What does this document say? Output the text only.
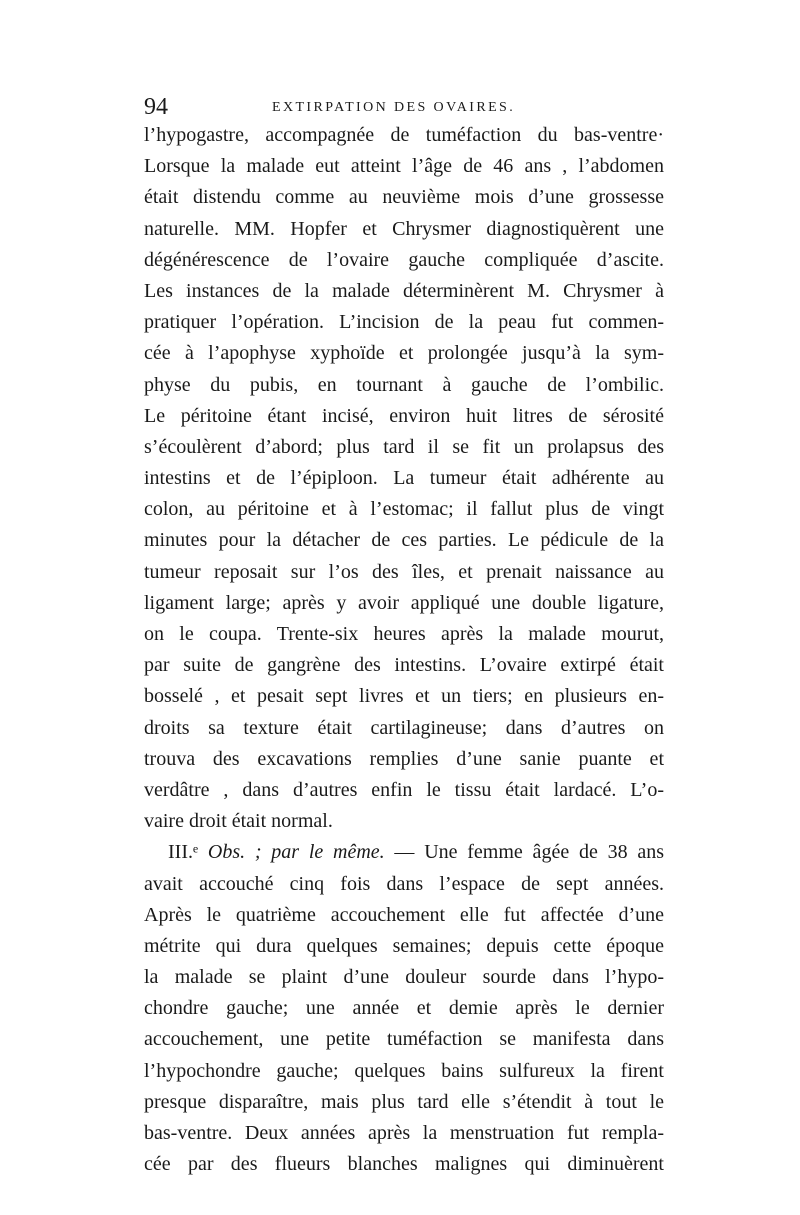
94	EXTIRPATION DES OVAIRES.
l’hypogastre, accompagnée de tuméfaction du bas-ventre·
Lorsque la malade eut atteint l’âge de 46 ans , l’abdomen
était distendu comme au neuvième mois d’une grossesse
naturelle. MM. Hopfer et Chrysmer diagnostiquèrent une
dégénérescence de l’ovaire gauche compliquée d’ascite.
Les instances de la malade déterminèrent M. Chrysmer à
pratiquer l’opération. L’incision de la peau fut commen-
cée à l’apophyse xyphoïde et prolongée jusqu’à la sym-
physe du pubis, en tournant à gauche de l’ombilic.
Le péritoine étant incisé, environ huit litres de sérosité
s’écoulèrent d’abord; plus tard il se fit un prolapsus des
intestins et de l’épiploon. La tumeur était adhérente au
colon, au péritoine et à l’estomac; il fallut plus de vingt
minutes pour la détacher de ces parties. Le pédicule de la
tumeur reposait sur l’os des îles, et prenait naissance au
ligament large; après y avoir appliqué une double ligature,
on le coupa. Trente-six heures après la malade mourut,
par suite de gangrène des intestins. L’ovaire extirpé était
bosselé , et pesait sept livres et un tiers; en plusieurs en-
droits sa texture était cartilagineuse; dans d’autres on
trouva des excavations remplies d’une sanie puante et
verdâtre , dans d’autres enfin le tissu était lardacé. L’o-
vaire droit était normal.
III.ᵉ Obs. ; par le même. — Une femme âgée de 38 ans
avait accouché cinq fois dans l’espace de sept années.
Après le quatrième accouchement elle fut affectée d’une
métrite qui dura quelques semaines; depuis cette époque
la malade se plaint d’une douleur sourde dans l’hypo-
chondre gauche; une année et demie après le dernier
accouchement, une petite tuméfaction se manifesta dans
l’hypochondre gauche; quelques bains sulfureux la firent
presque disparaître, mais plus tard elle s’étendit à tout le
bas-ventre. Deux années après la menstruation fut rempla-
cée par des flueurs blanches malignes qui diminuèrent
